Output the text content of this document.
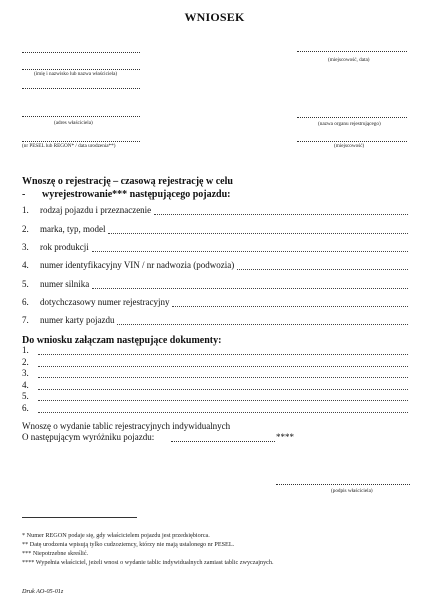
WNIOSEK
(imię i nazwisko lub nazwa właściciela)
(adres właściciela)
(nr PESEL lub REGON* / data urodzenia**)
(miejscowość, data)
(nazwa organu rejestrującego)
(miejscowość)
Wnoszę o rejestrację – czasową rejestrację w celu
- wyrejestrowanie*** następującego pojazdu:
Do wniosku załączam następujące dokumenty:
Wnoszę o wydanie tablic rejestracyjnych indywidualnych
O następującym wyróżniku pojazdu:	****
(podpis właściciela)
Druk AO-05-01z
1. rodzaj pojazdu i przeznaczenie
2. marka, typ, model
3. rok produkcji
4. numer identyfikacyjny VIN / nr nadwozia (podwozia)
5. numer silnika
6. dotychczasowy numer rejestracyjny
7. numer karty pojazdu
1.
2.
3.
4.
5.
6.
* Numer REGON podaje się, gdy właścicielem pojazdu jest przedsiębiorca.
** Datę urodzenia wpisują tylko cudzoziemcy, którzy nie mają ustalonego nr PESEL.
*** Niepotrzebne skreślić.
**** Wypełnia właściciel, jeżeli wnosi o wydanie tablic indywidualnych zamiast tablic zwyczajnych.
